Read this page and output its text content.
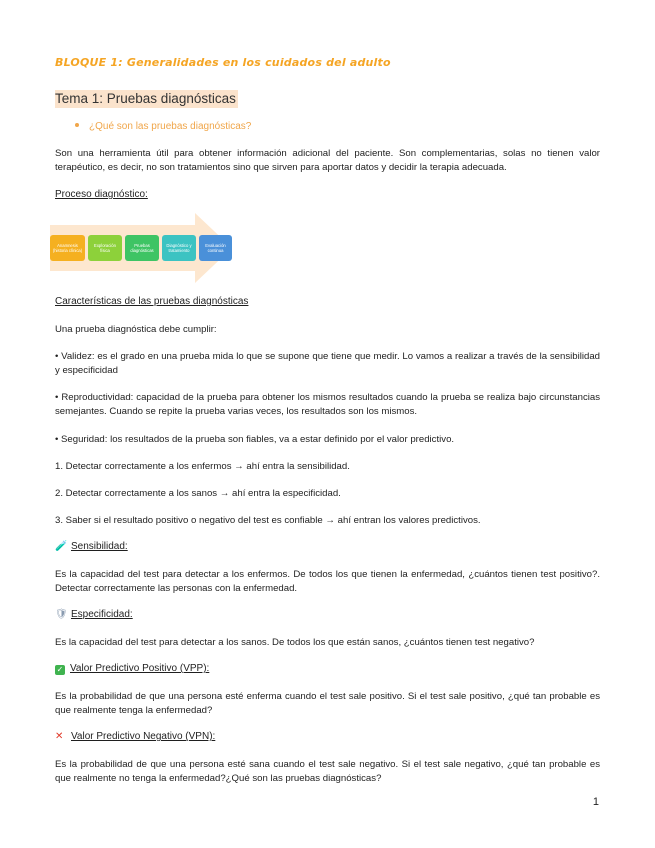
BLOQUE 1: Generalidades en los cuidados del adulto
Tema 1: Pruebas diagnósticas
¿Qué son las pruebas diagnósticas?
Son una herramienta útil para obtener información adicional del paciente. Son complementarias, solas no tienen valor terapéutico, es decir, no son tratamientos sino que sirven para aportar datos y decidir la terapia adecuada.
Proceso diagnóstico:
Características de las pruebas diagnósticas
Una prueba diagnóstica debe cumplir:
• Validez: es el grado en una prueba mida lo que se supone que tiene que medir. Lo vamos a realizar a través de la sensibilidad y especificidad
• Reproductividad: capacidad de la prueba para obtener los mismos resultados cuando la prueba se realiza bajo circunstancias semejantes. Cuando se repite la prueba varias veces, los resultados son los mismos.
• Seguridad: los resultados de la prueba son fiables, va a estar definido por el valor predictivo.
1. Detectar correctamente a los enfermos → ahí entra la sensibilidad.
2. Detectar correctamente a los sanos → ahí entra la especificidad.
3. Saber si el resultado positivo o negativo del test es confiable → ahí entran los valores predictivos.
🧪 Sensibilidad:
Es la capacidad del test para detectar a los enfermos. De todos los que tienen la enfermedad, ¿cuántos tienen test positivo?. Detectar correctamente las personas con la enfermedad.
🛡 Especificidad:
Es la capacidad del test para detectar a los sanos. De todos los que están sanos, ¿cuántos tienen test negativo?
✓ Valor Predictivo Positivo (VPP):
Es la probabilidad de que una persona esté enferma cuando el test sale positivo. Si el test sale positivo, ¿qué tan probable es que realmente tenga la enfermedad?
✕ Valor Predictivo Negativo (VPN):
Es la probabilidad de que una persona esté sana cuando el test sale negativo. Si el test sale negativo, ¿qué tan probable es que realmente no tenga la enfermedad?¿Qué son las pruebas diagnósticas?
Anamnesis (historia clínica)
Exploración física
Pruebas diagnósticas
Diagnóstico y tratamiento
Evaluación continua
1
